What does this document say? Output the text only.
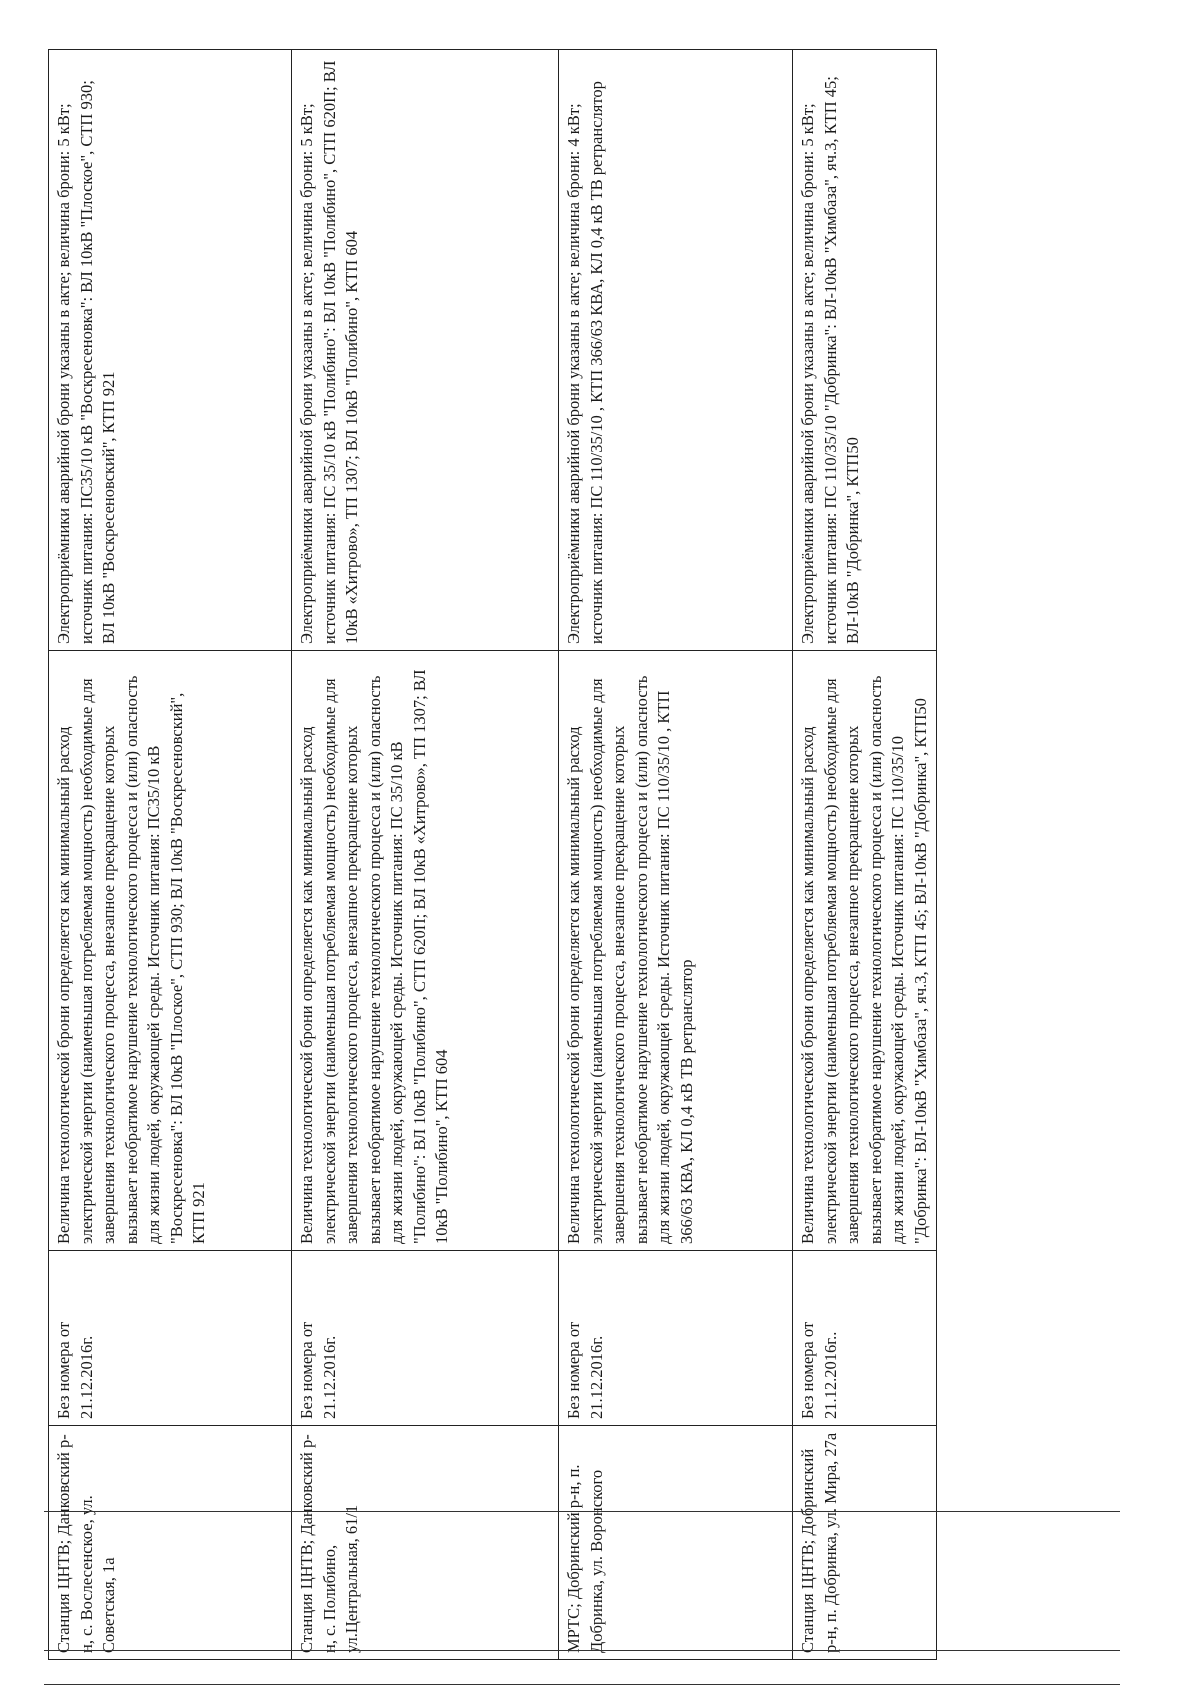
Станция ЦНТВ; Данковский р-н, с. Вослесенское, ул. Советская, 1а	Без номера от 21.12.2016г.	Величина технологической брони определяется как минимальный расход электрической энергии (наименьшая потребляемая мощность) необходимые для завершения технологического процесса, внезапное прекращение которых вызывает необратимое нарушение технологического процесса и (или) опасность для жизни людей, окружающей среды. Источник питания: ПС35/10 кВ "Воскресеновка": ВЛ 10кВ "Плоское", СТП 930; ВЛ 10кВ "Воскресеновский", КТП 921	Электроприёмники аварийной брони указаны в акте; величина брони: 5 кВт; источник питания: ПС35/10 кВ "Воскресеновка": ВЛ 10кВ "Плоское", СТП 930; ВЛ 10кВ "Воскресеновский", КТП 921
Станция ЦНТВ; Данковский р-н, с. Полибино, ул.Центральная, 61/1	Без номера от 21.12.2016г.	Величина технологической брони определяется как минимальный расход электрической энергии (наименьшая потребляемая мощность) необходимые для завершения технологического процесса, внезапное прекращение которых вызывает необратимое нарушение технологического процесса и (или) опасность для жизни людей, окружающей среды. Источник питания: ПС 35/10 кВ "Полибино": ВЛ 10кВ "Полибино", СТП 620П; ВЛ 10кВ «Хитрово», ТП 1307; ВЛ 10кВ "Полибино", КТП 604	Электроприёмники аварийной брони указаны в акте; величина брони: 5 кВт; источник питания: ПС 35/10 кВ "Полибино": ВЛ 10кВ "Полибино", СТП 620П; ВЛ 10кВ «Хитрово», ТП 1307; ВЛ 10кВ "Полибино", КТП 604
МРТС; Добринский р-н, п. Добринка, ул. Воронского	Без номера от 21.12.2016г.	Величина технологической брони определяется как минимальный расход электрической энергии (наименьшая потребляемая мощность) необходимые для завершения технологического процесса, внезапное прекращение которых вызывает необратимое нарушение технологического процесса и (или) опасность для жизни людей, окружающей среды. Источник питания: ПС 110/35/10 , КТП 366/63 КВА, КЛ 0,4 кВ ТВ ретранслятор	Электроприёмники аварийной брони указаны в акте; величина брони: 4 кВт; источник питания: ПС 110/35/10 , КТП 366/63 КВА, КЛ 0,4 кВ ТВ ретранслятор
Станция ЦНТВ; Добринский р-н, п. Добринка, ул. Мира, 27а	Без номера от 21.12.2016г..	Величина технологической брони определяется как минимальный расход электрической энергии (наименьшая потребляемая мощность) необходимые для завершения технологического процесса, внезапное прекращение которых вызывает необратимое нарушение технологического процесса и (или) опасность для жизни людей, окружающей среды. Источник питания: ПС 110/35/10 "Добринка": ВЛ-10кВ "Химбаза", яч.3, КТП 45; ВЛ-10кВ "Добринка", КТП50	Электроприёмники аварийной брони указаны в акте; величина брони: 5 кВт; источник питания: ПС 110/35/10 "Добринка": ВЛ-10кВ "Химбаза", яч.3, КТП 45; ВЛ-10кВ "Добринка", КТП50
